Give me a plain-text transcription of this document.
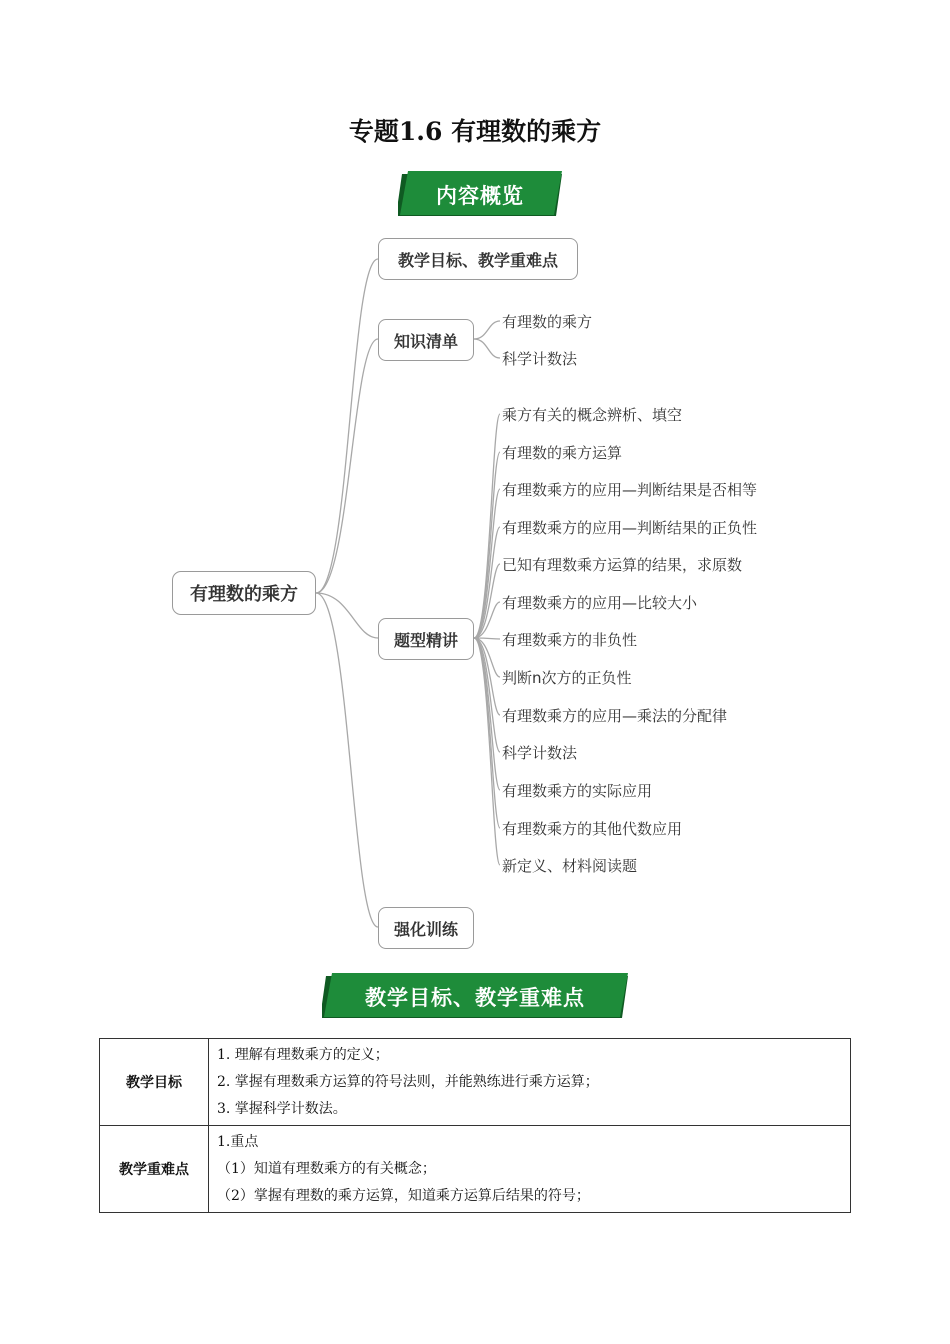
专题1.6 有理数的乘方
内容概览
有理数的乘方
教学目标、教学重难点
知识清单
题型精讲
强化训练
有理数的乘方
科学计数法
乘方有关的概念辨析、填空
有理数的乘方运算
有理数乘方的应用—判断结果是否相等
有理数乘方的应用—判断结果的正负性
已知有理数乘方运算的结果，求原数
有理数乘方的应用—比较大小
有理数乘方的非负性
判断n次方的正负性
有理数乘方的应用—乘法的分配律
科学计数法
有理数乘方的实际应用
有理数乘方的其他代数应用
新定义、材料阅读题
教学目标、教学重难点
教学目标	1. 理解有理数乘方的定义；
2. 掌握有理数乘方运算的符号法则，并能熟练进行乘方运算；
3. 掌握科学计数法。

教学重难点	1.重点
（1）知道有理数乘方的有关概念；
（2）掌握有理数的乘方运算，知道乘方运算后结果的符号；
